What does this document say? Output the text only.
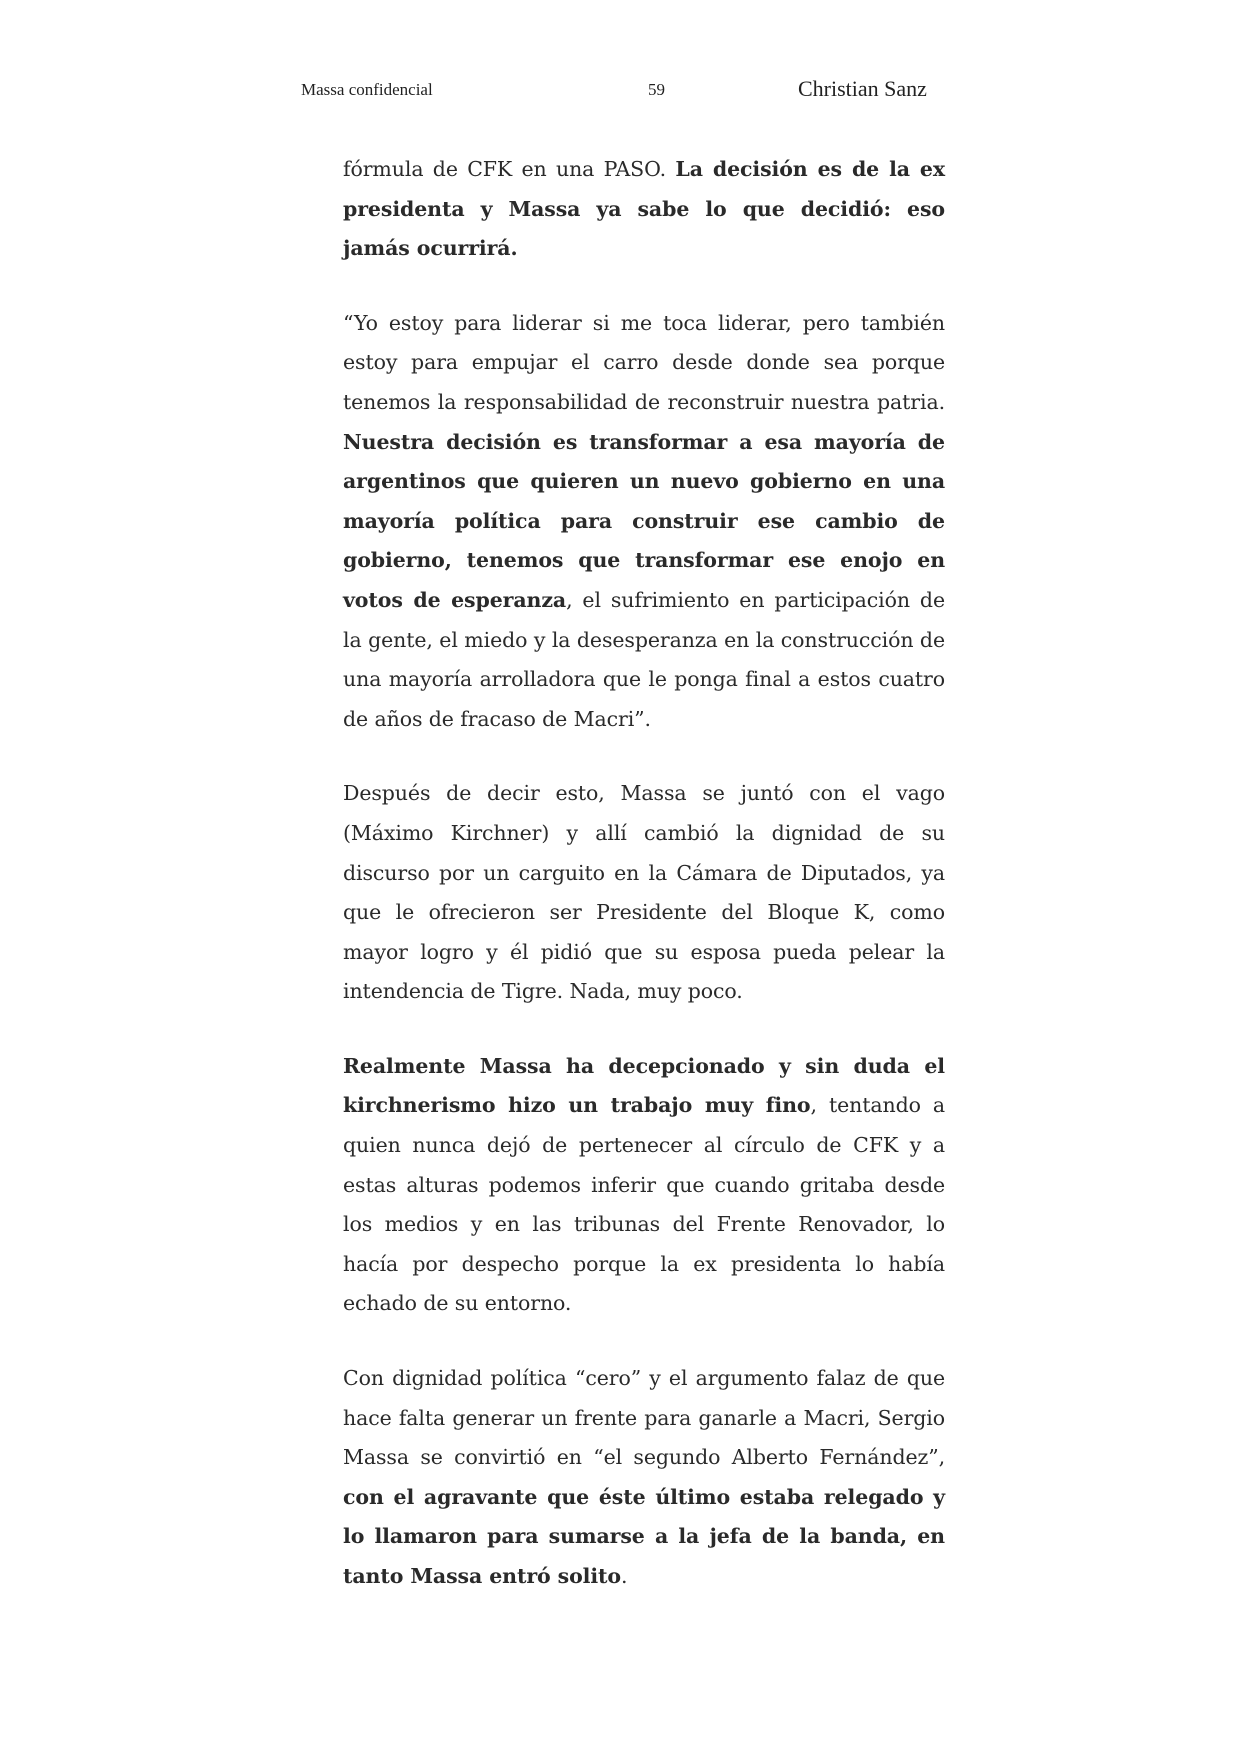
Massa confidencial	59	Christian Sanz

fórmula de CFK en una PASO. La decisión es de la ex presidenta y Massa ya sabe lo que decidió: eso jamás ocurrirá.

“Yo estoy para liderar si me toca liderar, pero también estoy para empujar el carro desde donde sea porque tenemos la responsabilidad de reconstruir nuestra patria. Nuestra decisión es transformar a esa mayoría de argentinos que quieren un nuevo gobierno en una mayoría política para construir ese cambio de gobierno, tenemos que transformar ese enojo en votos de esperanza, el sufrimiento en participación de la gente, el miedo y la desesperanza en la construcción de una mayoría arrolladora que le ponga final a estos cuatro de años de fracaso de Macri”.

Después de decir esto, Massa se juntó con el vago (Máximo Kirchner) y allí cambió la dignidad de su discurso por un carguito en la Cámara de Diputados, ya que le ofrecieron ser Presidente del Bloque K, como mayor logro y él pidió que su esposa pueda pelear la intendencia de Tigre. Nada, muy poco.

Realmente Massa ha decepcionado y sin duda el kirchnerismo hizo un trabajo muy fino, tentando a quien nunca dejó de pertenecer al círculo de CFK y a estas alturas podemos inferir que cuando gritaba desde los medios y en las tribunas del Frente Renovador, lo hacía por despecho porque la ex presidenta lo había echado de su entorno.

Con dignidad política “cero” y el argumento falaz de que hace falta generar un frente para ganarle a Macri, Sergio Massa se convirtió en “el segundo Alberto Fernández”, con el agravante que éste último estaba relegado y lo llamaron para sumarse a la jefa de la banda, en tanto Massa entró solito.
